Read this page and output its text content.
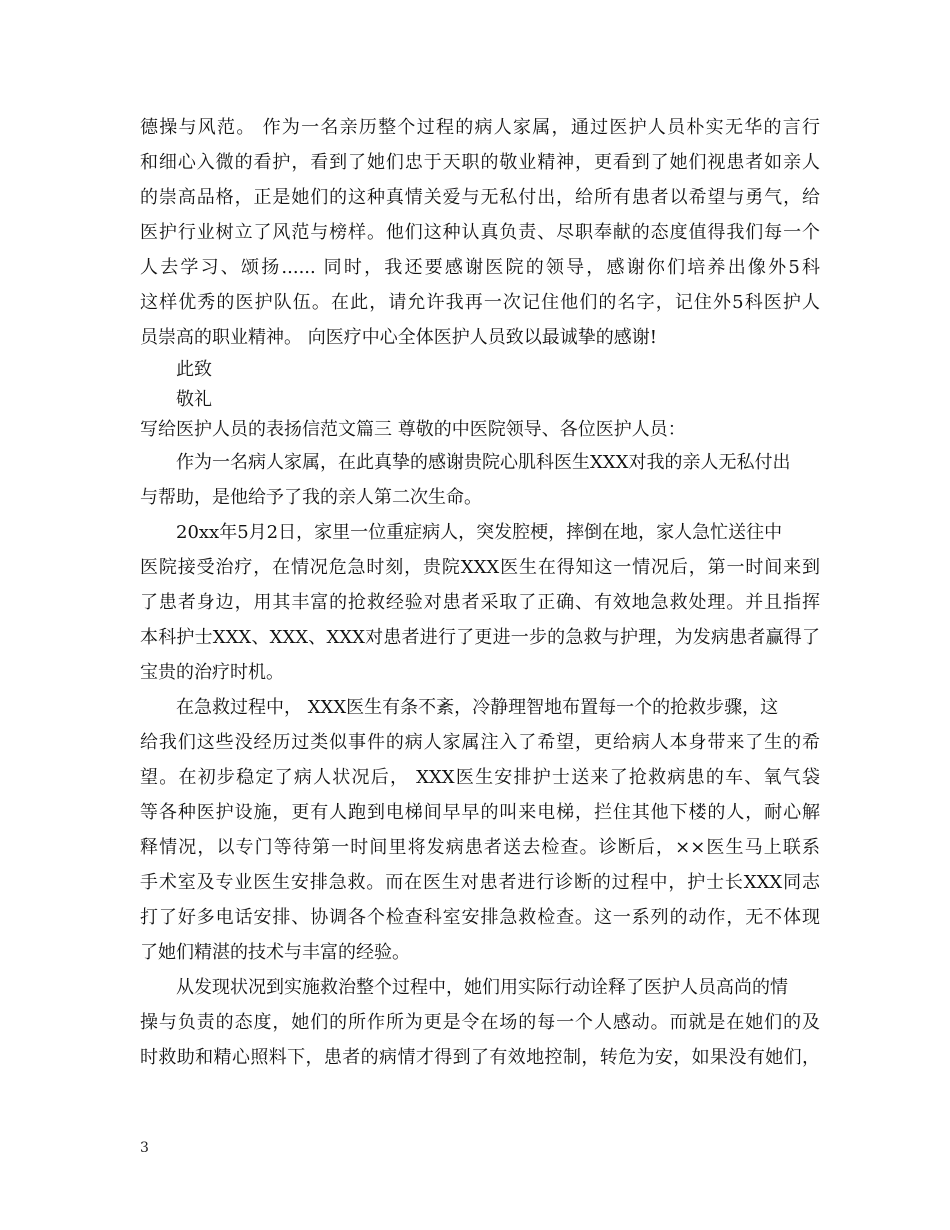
德操与风范。 作为一名亲历整个过程的病人家属，通过医护人员朴实无华的言行
和细心入微的看护，看到了她们忠于天职的敬业精神，更看到了她们视患者如亲人
的崇高品格，正是她们的这种真情关爱与无私付出，给所有患者以希望与勇气，给
医护行业树立了风范与榜样。他们这种认真负责、尽职奉献的态度值得我们每一个
人去学习、颂扬...... 同时，我还要感谢医院的领导，感谢你们培养出像外5科
这样优秀的医护队伍。在此，请允许我再一次记住他们的名字，记住外5科医护人
员崇高的职业精神。 向医疗中心全体医护人员致以最诚挚的感谢!
此致
敬礼
写给医护人员的表扬信范文篇三 尊敬的中医院领导、各位医护人员：
作为一名病人家属，在此真挚的感谢贵院心肌科医生XXX对我的亲人无私付出
与帮助，是他给予了我的亲人第二次生命。
20xx年5月2日，家里一位重症病人，突发腔梗，摔倒在地，家人急忙送往中
医院接受治疗，在情况危急时刻，贵院XXX医生在得知这一情况后，第一时间来到
了患者身边，用其丰富的抢救经验对患者采取了正确、有效地急救处理。并且指挥
本科护士XXX、XXX、XXX对患者进行了更进一步的急救与护理，为发病患者赢得了
宝贵的治疗时机。
在急救过程中， XXX医生有条不紊，冷静理智地布置每一个的抢救步骤，这
给我们这些没经历过类似事件的病人家属注入了希望，更给病人本身带来了生的希
望。在初步稳定了病人状况后， XXX医生安排护士送来了抢救病患的车、氧气袋
等各种医护设施，更有人跑到电梯间早早的叫来电梯，拦住其他下楼的人，耐心解
释情况，以专门等待第一时间里将发病患者送去检查。诊断后，××医生马上联系
手术室及专业医生安排急救。而在医生对患者进行诊断的过程中，护士长XXX同志
打了好多电话安排、协调各个检查科室安排急救检查。这一系列的动作，无不体现
了她们精湛的技术与丰富的经验。
从发现状况到实施救治整个过程中，她们用实际行动诠释了医护人员高尚的情
操与负责的态度，她们的所作所为更是令在场的每一个人感动。而就是在她们的及
时救助和精心照料下，患者的病情才得到了有效地控制，转危为安，如果没有她们，
3
